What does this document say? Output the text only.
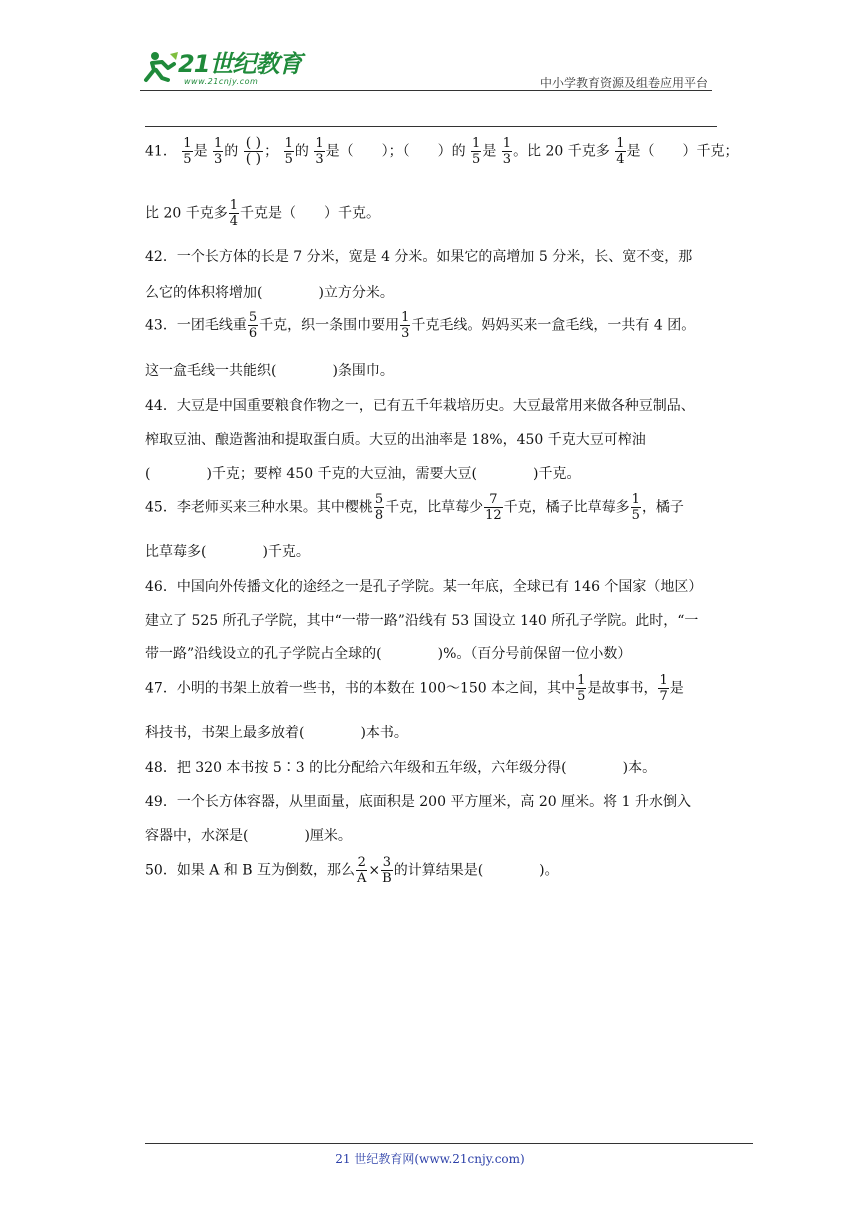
21世纪教育
www.21cnjy.com	中小学教育资源及组卷应用平台
41． $\frac{1}{5}$ 是 $\frac{1}{3}$ 的 $\frac{( )}{( )}$ ； $\frac{1}{5}$ 的 $\frac{1}{3}$ 是（　　）；（　　）的 $\frac{1}{5}$ 是 $\frac{1}{3}$ 。比 20 千克多 $\frac{1}{4}$ 是（　　）千克；
比 20 千克多 $\frac{1}{4}$ 千克是（　　）千克。
42．一个长方体的长是 7 分米，宽是 4 分米。如果它的高增加 5 分米，长、宽不变，那
么它的体积将增加(　　　　)立方分米。
43．一团毛线重 $\frac{5}{6}$ 千克，织一条围巾要用 $\frac{1}{3}$ 千克毛线。妈妈买来一盒毛线，一共有 4 团。
这一盒毛线一共能织(　　　　)条围巾。
44．大豆是中国重要粮食作物之一，已有五千年栽培历史。大豆最常用来做各种豆制品、
榨取豆油、酿造酱油和提取蛋白质。大豆的出油率是 18%，450 千克大豆可榨油
(　　　　)千克；要榨 450 千克的大豆油，需要大豆(　　　　)千克。
45．李老师买来三种水果。其中樱桃 $\frac{5}{8}$ 千克，比草莓少 $\frac{7}{12}$ 千克，橘子比草莓多 $\frac{1}{5}$ ，橘子
比草莓多(　　　　)千克。
46．中国向外传播文化的途经之一是孔子学院。某一年底，全球已有 146 个国家（地区）
建立了 525 所孔子学院，其中“一带一路”沿线有 53 国设立 140 所孔子学院。此时，“一
带一路”沿线设立的孔子学院占全球的(　　　　)%。（百分号前保留一位小数）
47．小明的书架上放着一些书，书的本数在 100～150 本之间，其中 $\frac{1}{5}$ 是故事书， $\frac{1}{7}$ 是
科技书，书架上最多放着(　　　　)本书。
48．把 320 本书按 5∶3 的比分配给六年级和五年级，六年级分得(　　　　)本。
49．一个长方体容器，从里面量，底面积是 200 平方厘米，高 20 厘米。将 1 升水倒入
容器中，水深是(　　　　)厘米。
50．如果 A 和 B 互为倒数，那么 $\frac{2}{A} \times \frac{3}{B}$ 的计算结果是(　　　　)。
21 世纪教育网(www.21cnjy.com)
